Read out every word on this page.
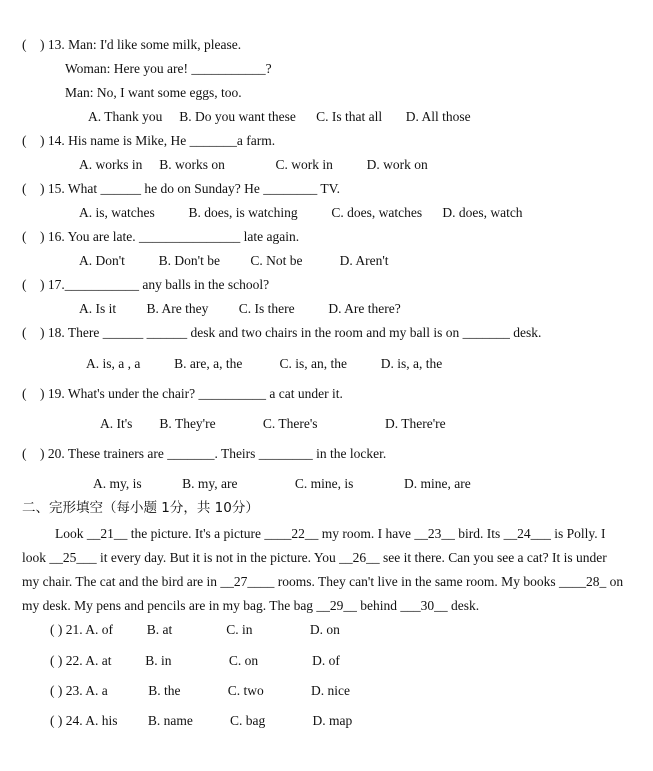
(    ) 13. Man: I'd like some milk, please.
Woman: Here you are! ___________?
Man: No, I want some eggs, too.
A. Thank you     B. Do you want these      C. Is that all       D. All those
(    ) 14. His name is Mike, He _______a farm.
A. works in     B. works on               C. work in          D. work on
(    ) 15. What ______ he do on Sunday? He ________ TV.
A. is, watches          B. does, is watching          C. does, watches      D. does, watch
(    ) 16. You are late. _______________ late again.
A. Don't          B. Don't be         C. Not be           D. Aren't
(    ) 17.___________ any balls in the school?
A. Is it         B. Are they         C. Is there          D. Are there?
(    ) 18. There ______ ______ desk and two chairs in the room and my ball is on _______ desk.
A. is, a , a          B. are, a, the           C. is, an, the          D. is, a, the
(    ) 19. What's under the chair? __________ a cat under it.
A. It's        B. They're              C. There's                    D. There're
(    ) 20. These trainers are _______. Theirs ________ in the locker.
A. my, is            B. my, are                 C. mine, is               D. mine, are
二、完形填空（每小题 1分，共 10分）
Look __21__ the picture. It's a picture ____22__ my room. I have __23__ bird. Its __24___ is Polly. I
look __25___ it every day. But it is not in the picture. You __26__ see it there. Can you see a cat? It is under
my chair. The cat and the bird are in __27____ rooms. They can't live in the same room. My books ____28_ on
my desk. My pens and pencils are in my bag. The bag __29__ behind ___30__ desk.
( ) 21. A. of          B. at                C. in                 D. on
( ) 22. A. at          B. in                 C. on                D. of
( ) 23. A. a            B. the              C. two              D. nice
( ) 24. A. his         B. name           C. bag              D. map
